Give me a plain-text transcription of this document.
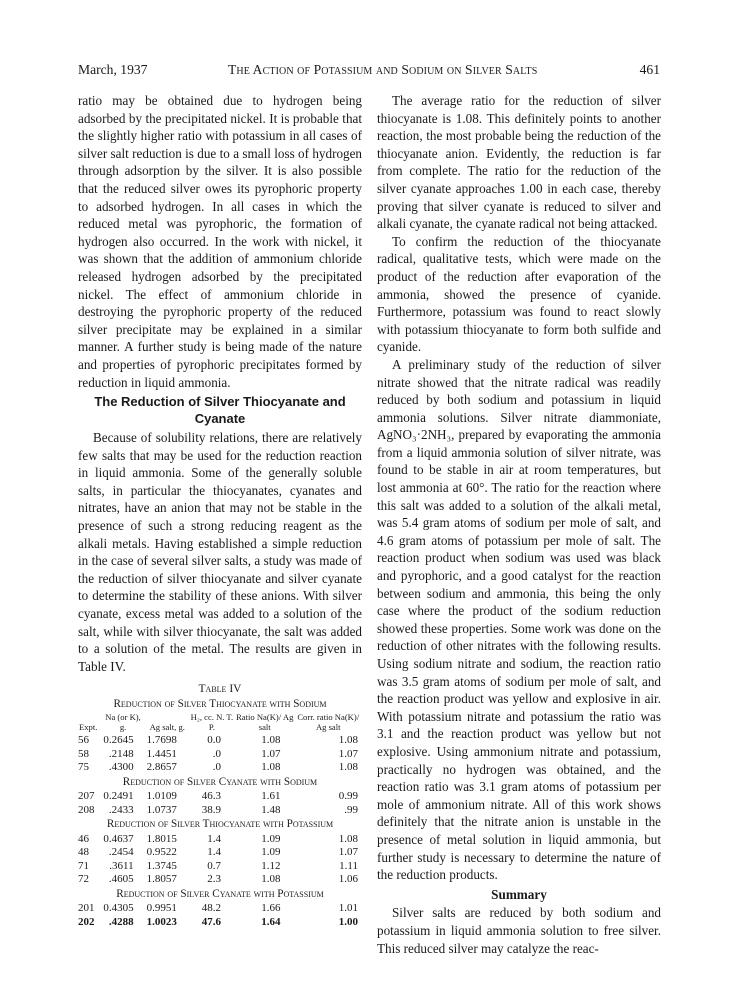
March, 1937	The Action of Potassium and Sodium on Silver Salts	461

ratio may be obtained due to hydrogen being adsorbed by the precipitated nickel. It is probable that the slightly higher ratio with potassium in all cases of silver salt reduction is due to a small loss of hydrogen through adsorption by the silver. It is also possible that the reduced silver owes its pyrophoric property to adsorbed hydrogen. In all cases in which the reduced metal was pyrophoric, the formation of hydrogen also occurred. In the work with nickel, it was shown that the addition of ammonium chloride released hydrogen adsorbed by the precipitated nickel. The effect of ammonium chloride in destroying the pyrophoric property of the reduced silver precipitate may be explained in a similar manner. A further study is being made of the nature and properties of pyrophoric precipitates formed by reduction in liquid ammonia.

The Reduction of Silver Thiocyanate and Cyanate

Because of solubility relations, there are relatively few salts that may be used for the reduction reaction in liquid ammonia. Some of the generally soluble salts, in particular the thiocyanates, cyanates and nitrates, have an anion that may not be stable in the presence of such a strong reducing reagent as the alkali metals. Having established a simple reduction in the case of several silver salts, a study was made of the reduction of silver thiocyanate and silver cyanate to determine the stability of these anions. With silver cyanate, excess metal was added to a solution of the salt, while with silver thiocyanate, the salt was added to a solution of the metal. The results are given in Table IV.

Table IV
Reduction of Silver Thiocyanate with Sodium
Expt.	Na (or K), g.	Ag salt, g.	H₂, cc. N. T. P.	Ratio Na(K)/ Ag salt	Corr. ratio Na(K)/ Ag salt
56	0.2645	1.7698	0.0	1.08	1.08
58	.2148	1.4451	.0	1.07	1.07
75	.4300	2.8657	.0	1.08	1.08
Reduction of Silver Cyanate with Sodium					
207	0.2491	1.0109	46.3	1.61	0.99
208	.2433	1.0737	38.9	1.48	.99
Reduction of Silver Thiocyanate with Potassium					
46	0.4637	1.8015	1.4	1.09	1.08
48	.2454	0.9522	1.4	1.09	1.07
71	.3611	1.3745	0.7	1.12	1.11
72	.4605	1.8057	2.3	1.08	1.06
Reduction of Silver Cyanate with Potassium					
201	0.4305	0.9951	48.2	1.66	1.01
202	.4288	1.0023	47.6	1.64	1.00

The average ratio for the reduction of silver thiocyanate is 1.08. This definitely points to another reaction, the most probable being the reduction of the thiocyanate anion. Evidently, the reduction is far from complete. The ratio for the reduction of the silver cyanate approaches 1.00 in each case, thereby proving that silver cyanate is reduced to silver and alkali cyanate, the cyanate radical not being attacked.

To confirm the reduction of the thiocyanate radical, qualitative tests, which were made on the product of the reduction after evaporation of the ammonia, showed the presence of cyanide. Furthermore, potassium was found to react slowly with potassium thiocyanate to form both sulfide and cyanide.

A preliminary study of the reduction of silver nitrate showed that the nitrate radical was readily reduced by both sodium and potassium in liquid ammonia solutions. Silver nitrate diammoniate, AgNO₃·2NH₃, prepared by evaporating the ammonia from a liquid ammonia solution of silver nitrate, was found to be stable in air at room temperatures, but lost ammonia at 60°. The ratio for the reaction where this salt was added to a solution of the alkali metal, was 5.4 gram atoms of sodium per mole of salt, and 4.6 gram atoms of potassium per mole of salt. The reaction product when sodium was used was black and pyrophoric, and a good catalyst for the reaction between sodium and ammonia, this being the only case where the product of the sodium reduction showed these properties. Some work was done on the reduction of other nitrates with the following results. Using sodium nitrate and sodium, the reaction ratio was 3.5 gram atoms of sodium per mole of salt, and the reaction product was yellow and explosive in air. With potassium nitrate and potassium the ratio was 3.1 and the reaction product was yellow but not explosive. Using ammonium nitrate and potassium, practically no hydrogen was obtained, and the reaction ratio was 3.1 gram atoms of potassium per mole of ammonium nitrate. All of this work shows definitely that the nitrate anion is unstable in the presence of metal solution in liquid ammonia, but further study is necessary to determine the nature of the reduction products.

Summary

Silver salts are reduced by both sodium and potassium in liquid ammonia solution to free silver. This reduced silver may catalyze the reac-
